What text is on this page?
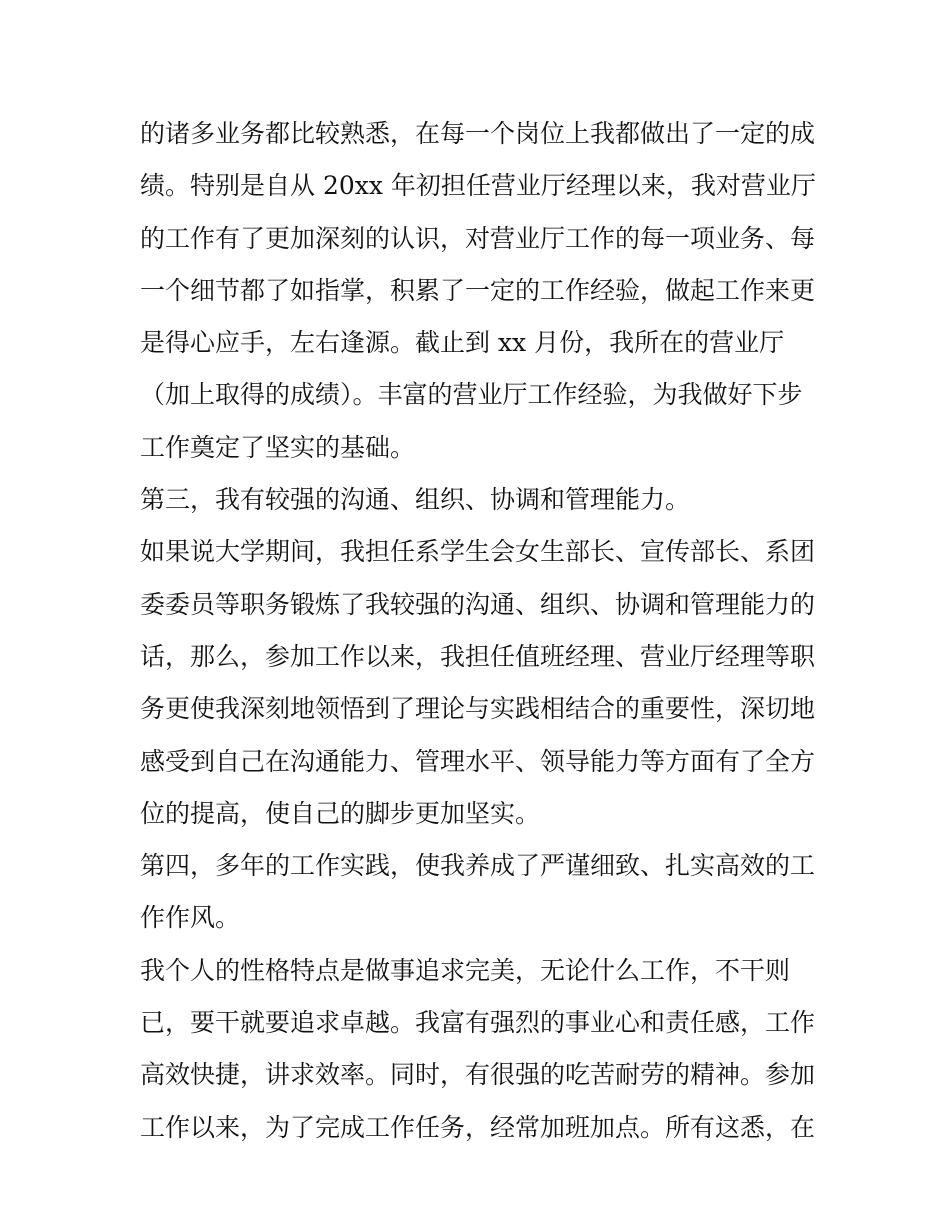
的诸多业务都比较熟悉，在每一个岗位上我都做出了一定的成
绩。特别是自从 20xx 年初担任营业厅经理以来，我对营业厅
的工作有了更加深刻的认识，对营业厅工作的每一项业务、每
一个细节都了如指掌，积累了一定的工作经验，做起工作来更
是得心应手，左右逢源。截止到 xx 月份，我所在的营业厅
（加上取得的成绩）。丰富的营业厅工作经验，为我做好下步
工作奠定了坚实的基础。
第三，我有较强的沟通、组织、协调和管理能力。
如果说大学期间，我担任系学生会女生部长、宣传部长、系团
委委员等职务锻炼了我较强的沟通、组织、协调和管理能力的
话，那么，参加工作以来，我担任值班经理、营业厅经理等职
务更使我深刻地领悟到了理论与实践相结合的重要性，深切地
感受到自己在沟通能力、管理水平、领导能力等方面有了全方
位的提高，使自己的脚步更加坚实。
第四，多年的工作实践，使我养成了严谨细致、扎实高效的工
作作风。
我个人的性格特点是做事追求完美，无论什么工作，不干则
已，要干就要追求卓越。我富有强烈的事业心和责任感，工作
高效快捷，讲求效率。同时，有很强的吃苦耐劳的精神。参加
工作以来，为了完成工作任务，经常加班加点。所有这悉，在
